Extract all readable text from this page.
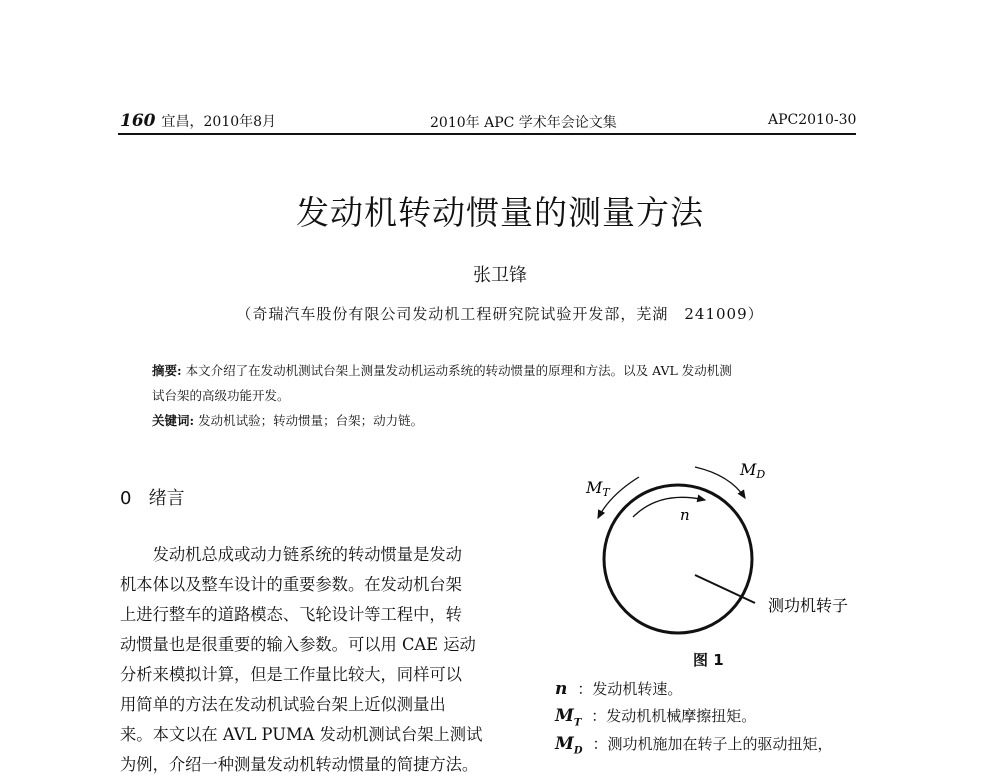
160 宜昌，2010年8月	2010年 APC 学术年会论文集	APC2010-30
发动机转动惯量的测量方法
张卫锋
（奇瑞汽车股份有限公司发动机工程研究院试验开发部，芜湖　241009）
摘要: 本文介绍了在发动机测试台架上测量发动机运动系统的转动惯量的原理和方法。以及 AVL 发动机测
试台架的高级功能开发。
关键词: 发动机试验；转动惯量；台架；动力链。
0 绪言
　　发动机总成或动力链系统的转动惯量是发动
机本体以及整车设计的重要参数。在发动机台架
上进行整车的道路模态、飞轮设计等工程中，转
动惯量也是很重要的输入参数。可以用 CAE 运动
分析来模拟计算，但是工作量比较大，同样可以
用简单的方法在发动机试验台架上近似测量出
来。本文以在 AVL PUMA 发动机测试台架上测试
为例，介绍一种测量发动机转动惯量的简捷方法。
MT
MD
n
测功机转子
图 1
n ：发动机转速。
$M_T$ ：发动机机械摩擦扭矩。
$M_D$ ：测功机施加在转子上的驱动扭矩，
